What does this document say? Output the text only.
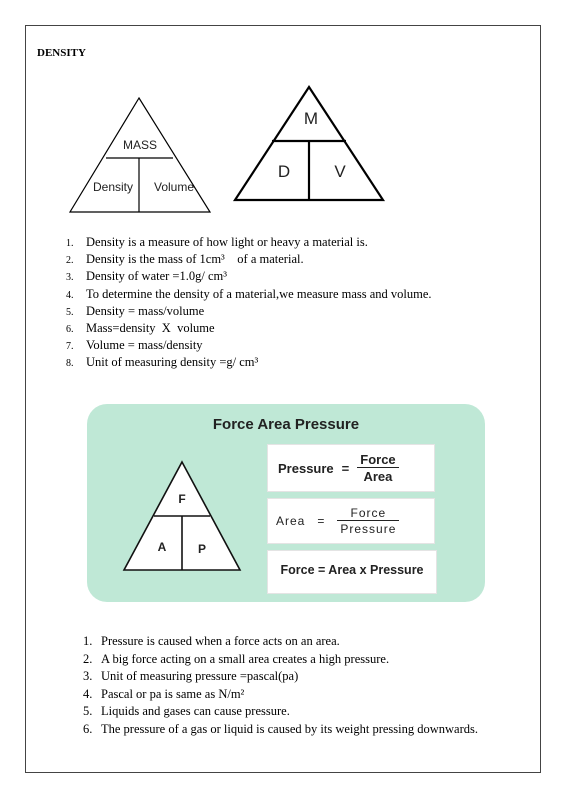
DENSITY
MASS
Density Volume
M
D	V
1. Density is a measure of how light or heavy a material is.
2. Density is the mass of 1cm³    of a material.
3. Density of water =1.0g/ cm³
4. To determine the density of a material,we measure mass and volume.
5. Density = mass/volume
6. Mass=density  X  volume
7. Volume = mass/density
8. Unit of measuring density =g/ cm³
Force Area Pressure
F
A	P
Pressure = $\frac{\text{Force}}{\text{Area}}$
Area = $\frac{\text{Force}}{\text{Pressure}}$
Force = Area x Pressure
1. Pressure is caused when a force acts on an area.
2. A big force acting on a small area creates a high pressure.
3. Unit of measuring pressure =pascal(pa)
4. Pascal or pa is same as N/m²
5. Liquids and gases can cause pressure.
6. The pressure of a gas or liquid is caused by its weight pressing downwards.
